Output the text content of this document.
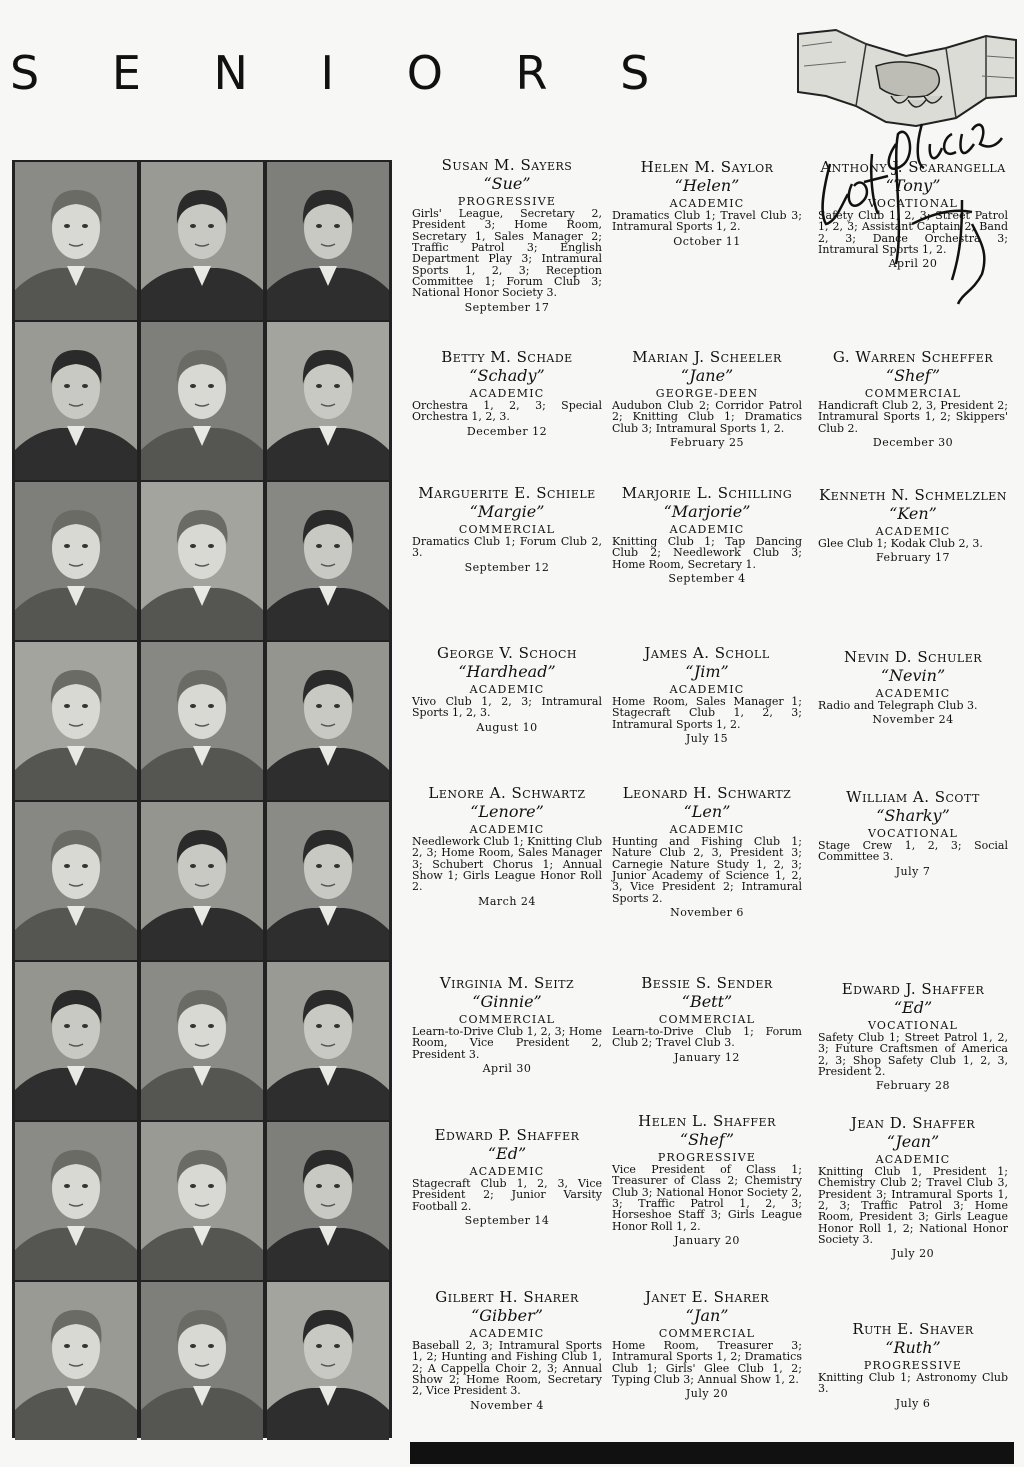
S E N I O R S
Susan M. Sayers
“Sue”
PROGRESSIVE
Girls' League, Secretary 2, President 3; Home Room, Secretary 1, Sales Manager 2; Traffic Patrol 3; English Department Play 3; Intramural Sports 1, 2, 3; Reception Committee 1; Forum Club 3; National Honor Society 3.
September 17
Helen M. Saylor
“Helen”
ACADEMIC
Dramatics Club 1; Travel Club 3; Intramural Sports 1, 2.
October 11
Anthony J. Scarangella
“Tony”
VOCATIONAL
Safety Club 1, 2, 3; Street Patrol 1, 2, 3; Assistant Captain 2; Band 2, 3; Dance Orchestra 3; Intramural Sports 1, 2.
April 20
Betty M. Schade
“Schady”
ACADEMIC
Orchestra 1, 2, 3; Special Orchestra 1, 2, 3.
December 12
Marian J. Scheeler
“Jane”
GEORGE-DEEN
Audubon Club 2; Corridor Patrol 2; Knitting Club 1; Dramatics Club 3; Intramural Sports 1, 2.
February 25
G. Warren Scheffer
“Shef”
COMMERCIAL
Handicraft Club 2, 3, President 2; Intramural Sports 1, 2; Skippers' Club 2.
December 30
Marguerite E. Schiele
“Margie”
COMMERCIAL
Dramatics Club 1; Forum Club 2, 3.
September 12
Marjorie L. Schilling
“Marjorie”
ACADEMIC
Knitting Club 1; Tap Dancing Club 2; Needlework Club 3; Home Room, Secretary 1.
September 4
Kenneth N. Schmelzlen
“Ken”
ACADEMIC
Glee Club 1; Kodak Club 2, 3.
February 17
George V. Schoch
“Hardhead”
ACADEMIC
Vivo Club 1, 2, 3; Intramural Sports 1, 2, 3.
August 10
James A. Scholl
“Jim”
ACADEMIC
Home Room, Sales Manager 1; Stagecraft Club 1, 2, 3; Intramural Sports 1, 2.
July 15
Nevin D. Schuler
“Nevin”
ACADEMIC
Radio and Telegraph Club 3.
November 24
Lenore A. Schwartz
“Lenore”
ACADEMIC
Needlework Club 1; Knitting Club 2, 3; Home Room, Sales Manager 3; Schubert Chorus 1; Annual Show 1; Girls League Honor Roll 2.
March 24
Leonard H. Schwartz
“Len”
ACADEMIC
Hunting and Fishing Club 1; Nature Club 2, 3, President 3; Carnegie Nature Study 1, 2, 3; Junior Academy of Science 1, 2, 3, Vice President 2; Intramural Sports 2.
November 6
William A. Scott
“Sharky”
VOCATIONAL
Stage Crew 1, 2, 3; Social Committee 3.
July 7
Virginia M. Seitz
“Ginnie”
COMMERCIAL
Learn-to-Drive Club 1, 2, 3; Home Room, Vice President 2, President 3.
April 30
Bessie S. Sender
“Bett”
COMMERCIAL
Learn-to-Drive Club 1; Forum Club 2; Travel Club 3.
January 12
Edward J. Shaffer
“Ed”
VOCATIONAL
Safety Club 1; Street Patrol 1, 2, 3; Future Craftsmen of America 2, 3; Shop Safety Club 1, 2, 3, President 2.
February 28
Edward P. Shaffer
“Ed”
ACADEMIC
Stagecraft Club 1, 2, 3, Vice President 2; Junior Varsity Football 2.
September 14
Helen L. Shaffer
“Shef”
PROGRESSIVE
Vice President of Class 1; Treasurer of Class 2; Chemistry Club 3; National Honor Society 2, 3; Traffic Patrol 1, 2, 3; Horseshoe Staff 3; Girls League Honor Roll 1, 2.
January 20
Jean D. Shaffer
“Jean”
ACADEMIC
Knitting Club 1, President 1; Chemistry Club 2; Travel Club 3, President 3; Intramural Sports 1, 2, 3; Traffic Patrol 3; Home Room, President 3; Girls League Honor Roll 1, 2; National Honor Society 3.
July 20
Gilbert H. Sharer
“Gibber”
ACADEMIC
Baseball 2, 3; Intramural Sports 1, 2; Hunting and Fishing Club 1, 2; A Cappella Choir 2, 3; Annual Show 2; Home Room, Secretary 2, Vice President 3.
November 4
Janet E. Sharer
“Jan”
COMMERCIAL
Home Room, Treasurer 3; Intramural Sports 1, 2; Dramatics Club 1; Girls' Glee Club 1, 2; Typing Club 3; Annual Show 1, 2.
July 20
Ruth E. Shaver
“Ruth”
PROGRESSIVE
Knitting Club 1; Astronomy Club 3.
July 6
